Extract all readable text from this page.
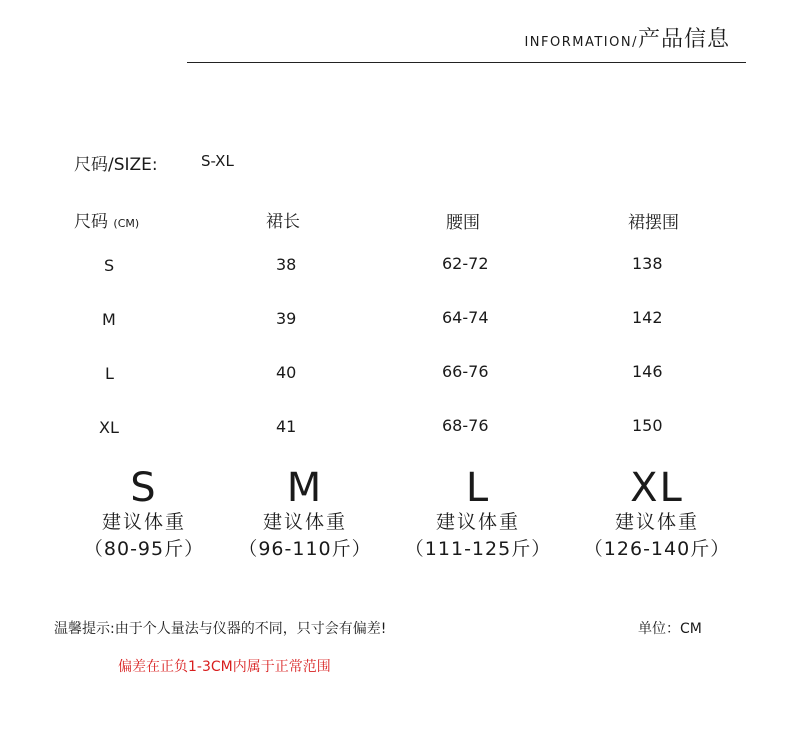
INFORMATION/产品信息
尺码/SIZE:	S-XL
尺码 (CM)	裙长	腰围	裙摆围
S	38	62-72	138
M	39	64-74	142
L	40	66-76	146
XL	41	68-76	150
S
建议体重
（80-95斤）
M
建议体重
（96-110斤）
L
建议体重
（111-125斤）
XL
建议体重
（126-140斤）
温馨提示:由于个人量法与仪器的不同，只寸会有偏差!	单位：CM
偏差在正负1-3CM内属于正常范围
